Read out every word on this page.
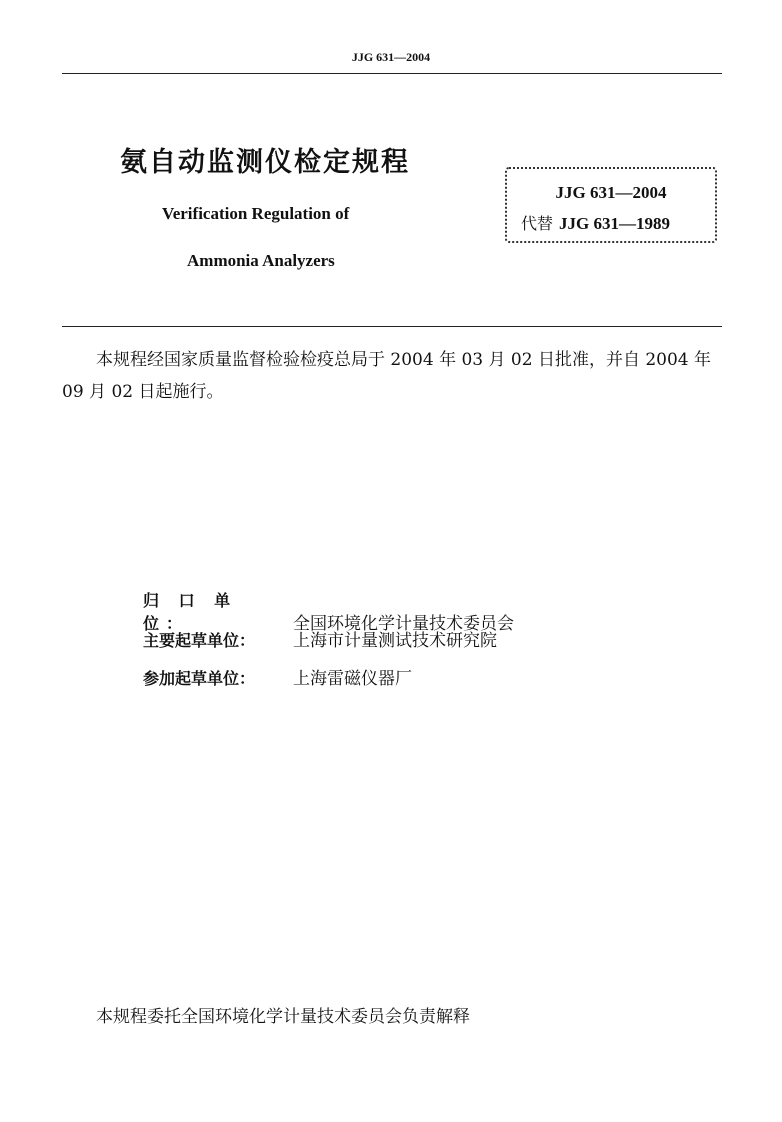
JJG 631—2004
氨自动监测仪检定规程
Verification Regulation of
Ammonia Analyzers
JJG 631—2004
代替 JJG 631—1989
本规程经国家质量监督检验检疫总局于 2004 年 03 月 02 日批准，并自 2004 年 09 月 02 日起施行。
归 口 单 位：	全国环境化学计量技术委员会
主要起草单位： 上海市计量测试技术研究院
参加起草单位： 上海雷磁仪器厂
本规程委托全国环境化学计量技术委员会负责解释
